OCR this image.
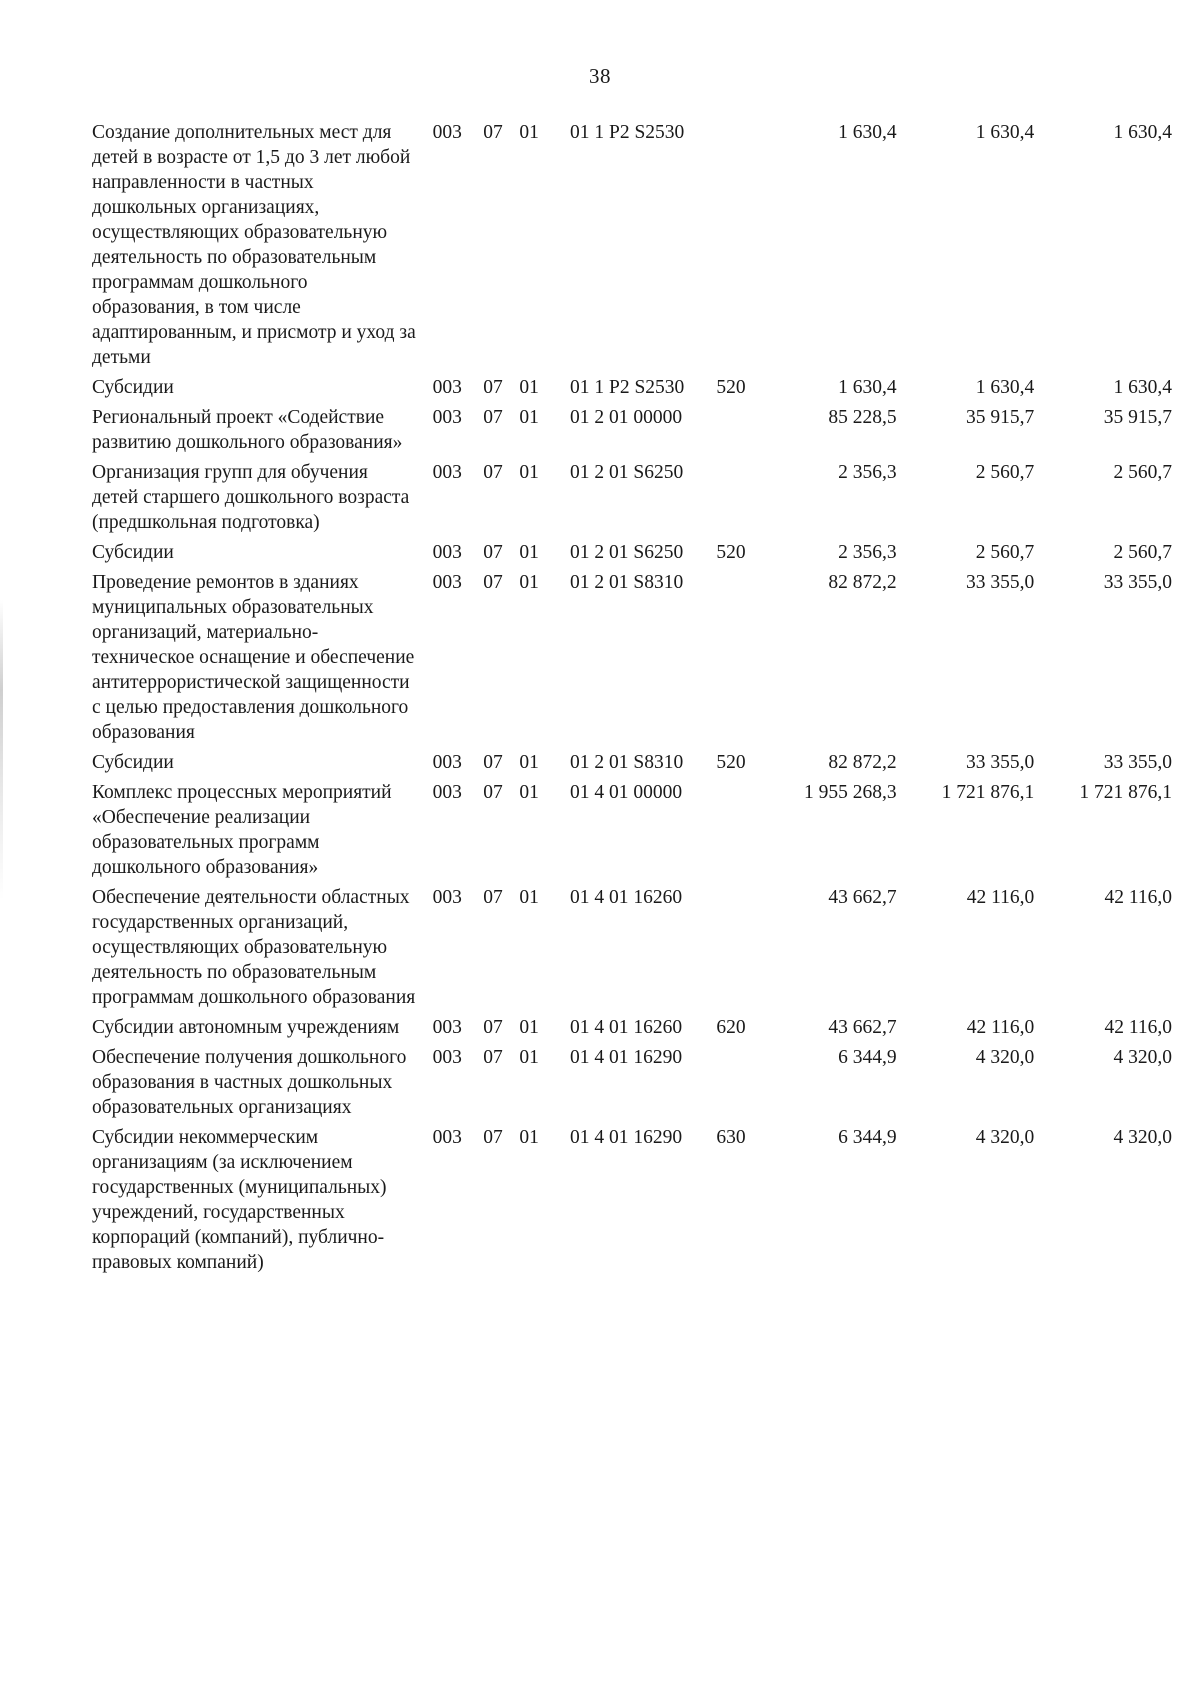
38
Создание дополнительных мест для детей в возрасте от 1,5 до 3 лет любой направленности в частных дошкольных организациях, осуществляющих образовательную деятельность по образовательным программам дошкольного образования, в том числе адаптированным, и присмотр и уход за детьми	003	07	01	01 1 Р2 S2530		1 630,4	1 630,4	1 630,4
Субсидии	003	07	01	01 1 Р2 S2530	520	1 630,4	1 630,4	1 630,4
Региональный проект «Содействие развитию дошкольного образования»	003	07	01	01 2 01 00000		85 228,5	35 915,7	35 915,7
Организация групп для обучения детей старшего дошкольного возраста (предшкольная подготовка)	003	07	01	01 2 01 S6250		2 356,3	2 560,7	2 560,7
Субсидии	003	07	01	01 2 01 S6250	520	2 356,3	2 560,7	2 560,7
Проведение ремонтов в зданиях муниципальных образовательных организаций, материально-техническое оснащение и обеспечение антитеррористической защищенности с целью предоставления дошкольного образования	003	07	01	01 2 01 S8310		82 872,2	33 355,0	33 355,0
Субсидии	003	07	01	01 2 01 S8310	520	82 872,2	33 355,0	33 355,0
Комплекс процессных мероприятий «Обеспечение реализации образовательных программ дошкольного образования»	003	07	01	01 4 01 00000		1 955 268,3	1 721 876,1	1 721 876,1
Обеспечение деятельности областных государственных организаций, осуществляющих образовательную деятельность по образовательным программам дошкольного образования	003	07	01	01 4 01 16260		43 662,7	42 116,0	42 116,0
Субсидии автономным учреждениям	003	07	01	01 4 01 16260	620	43 662,7	42 116,0	42 116,0
Обеспечение получения дошкольного образования в частных дошкольных образовательных организациях	003	07	01	01 4 01 16290		6 344,9	4 320,0	4 320,0
Субсидии некоммерческим организациям (за исключением государственных (муниципальных) учреждений, государственных корпораций (компаний), публично-правовых компаний)	003	07	01	01 4 01 16290	630	6 344,9	4 320,0	4 320,0
